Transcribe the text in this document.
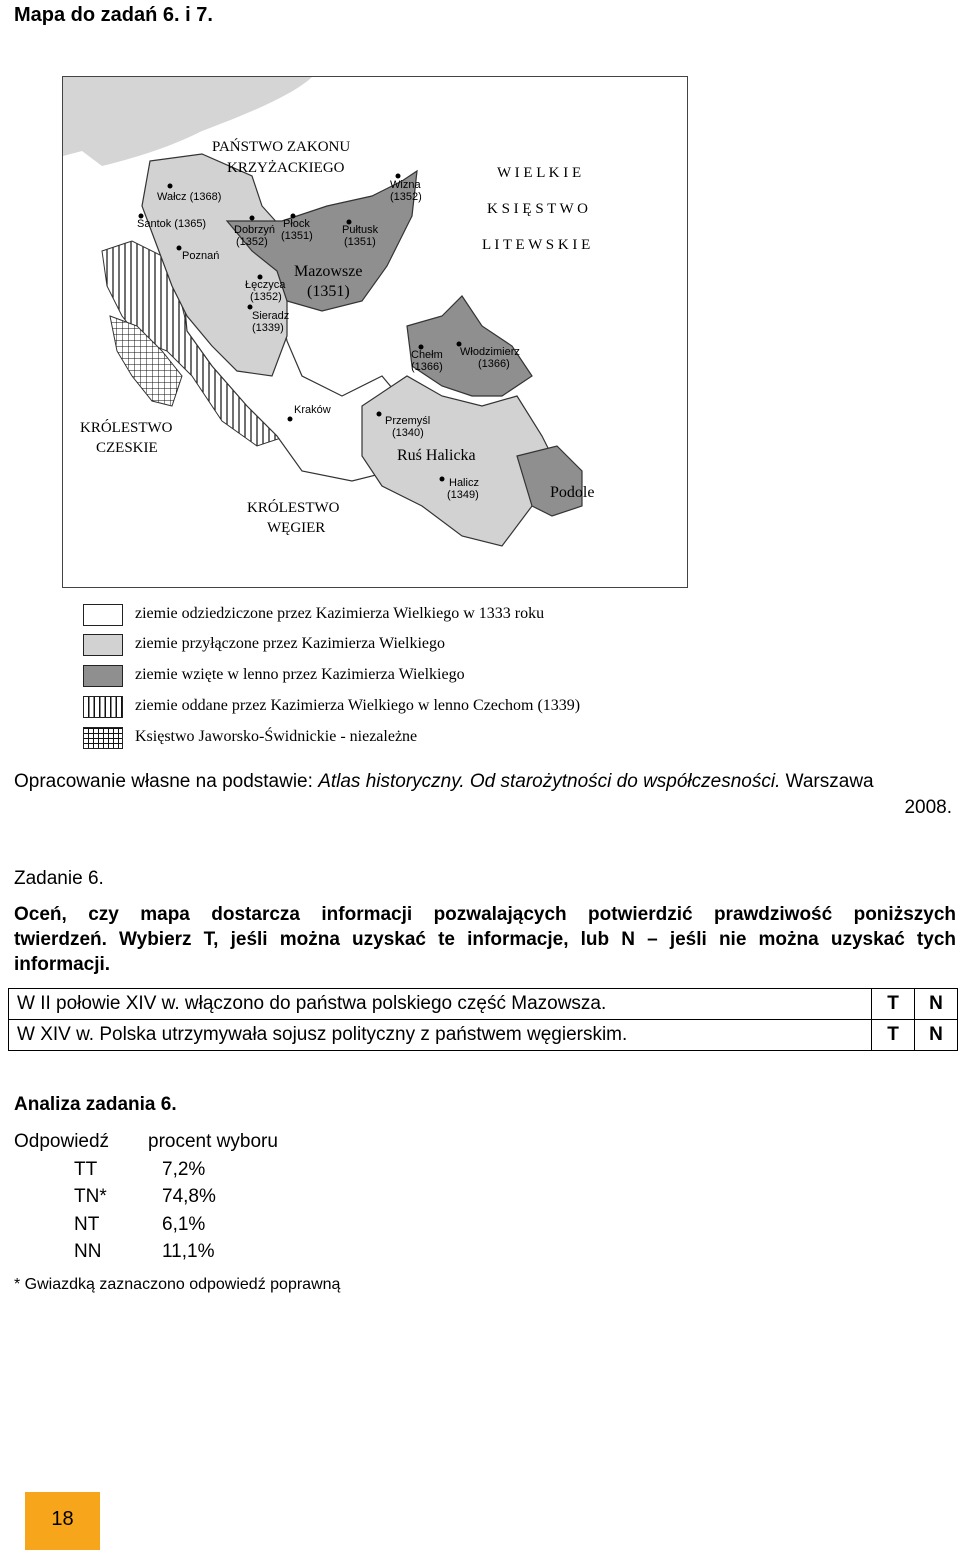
Mapa do zadań 6. i 7.
PAŃSTWO ZAKONU
KRZYŻACKIEGO	W I E L K I E
K S I Ę S T W O
L I T E W S K I E
KRÓLESTWO
CZESKIE
KRÓLESTWO
WĘGIER
Mazowsze
(1351)
Ruś Halicka
Podole
Wałcz (1368)
Santok (1365)
Poznań
Dobrzyń
(1352)
Płock
(1351)	Pułtusk
(1351)
Wizna
(1352)
Łęczyca
(1352)
Sieradz
(1339)
Chełm
(1366)
Włodzimierz
(1366)
Kraków
Przemyśl
(1340)
Halicz
(1349)
ziemie odziedziczone przez Kazimierza Wielkiego w 1333 roku
ziemie przyłączone przez Kazimierza Wielkiego
ziemie wzięte w lenno przez Kazimierza Wielkiego
ziemie oddane przez Kazimierza Wielkiego w lenno Czechom (1339)
Księstwo Jaworsko-Świdnickie - niezależne
Opracowanie własne na podstawie: Atlas historyczny. Od starożytności do współczesności. Warszawa
2008.
Zadanie 6.
Oceń, czy mapa dostarcza informacji pozwalających potwierdzić prawdziwość poniższych
twierdzeń. Wybierz T, jeśli można uzyskać te informacje, lub N – jeśli nie można uzyskać tych
informacji.
W II połowie XIV w. włączono do państwa polskiego część Mazowsza.	T	N
W XIV w. Polska utrzymywała sojusz polityczny z państwem węgierskim.	T	N
Analiza zadania 6.
Odpowiedź procent wyboru
TT	7,2%
TN*	74,8%
NT	6,1%
NN	11,1%
* Gwiazdką zaznaczono odpowiedź poprawną
18
